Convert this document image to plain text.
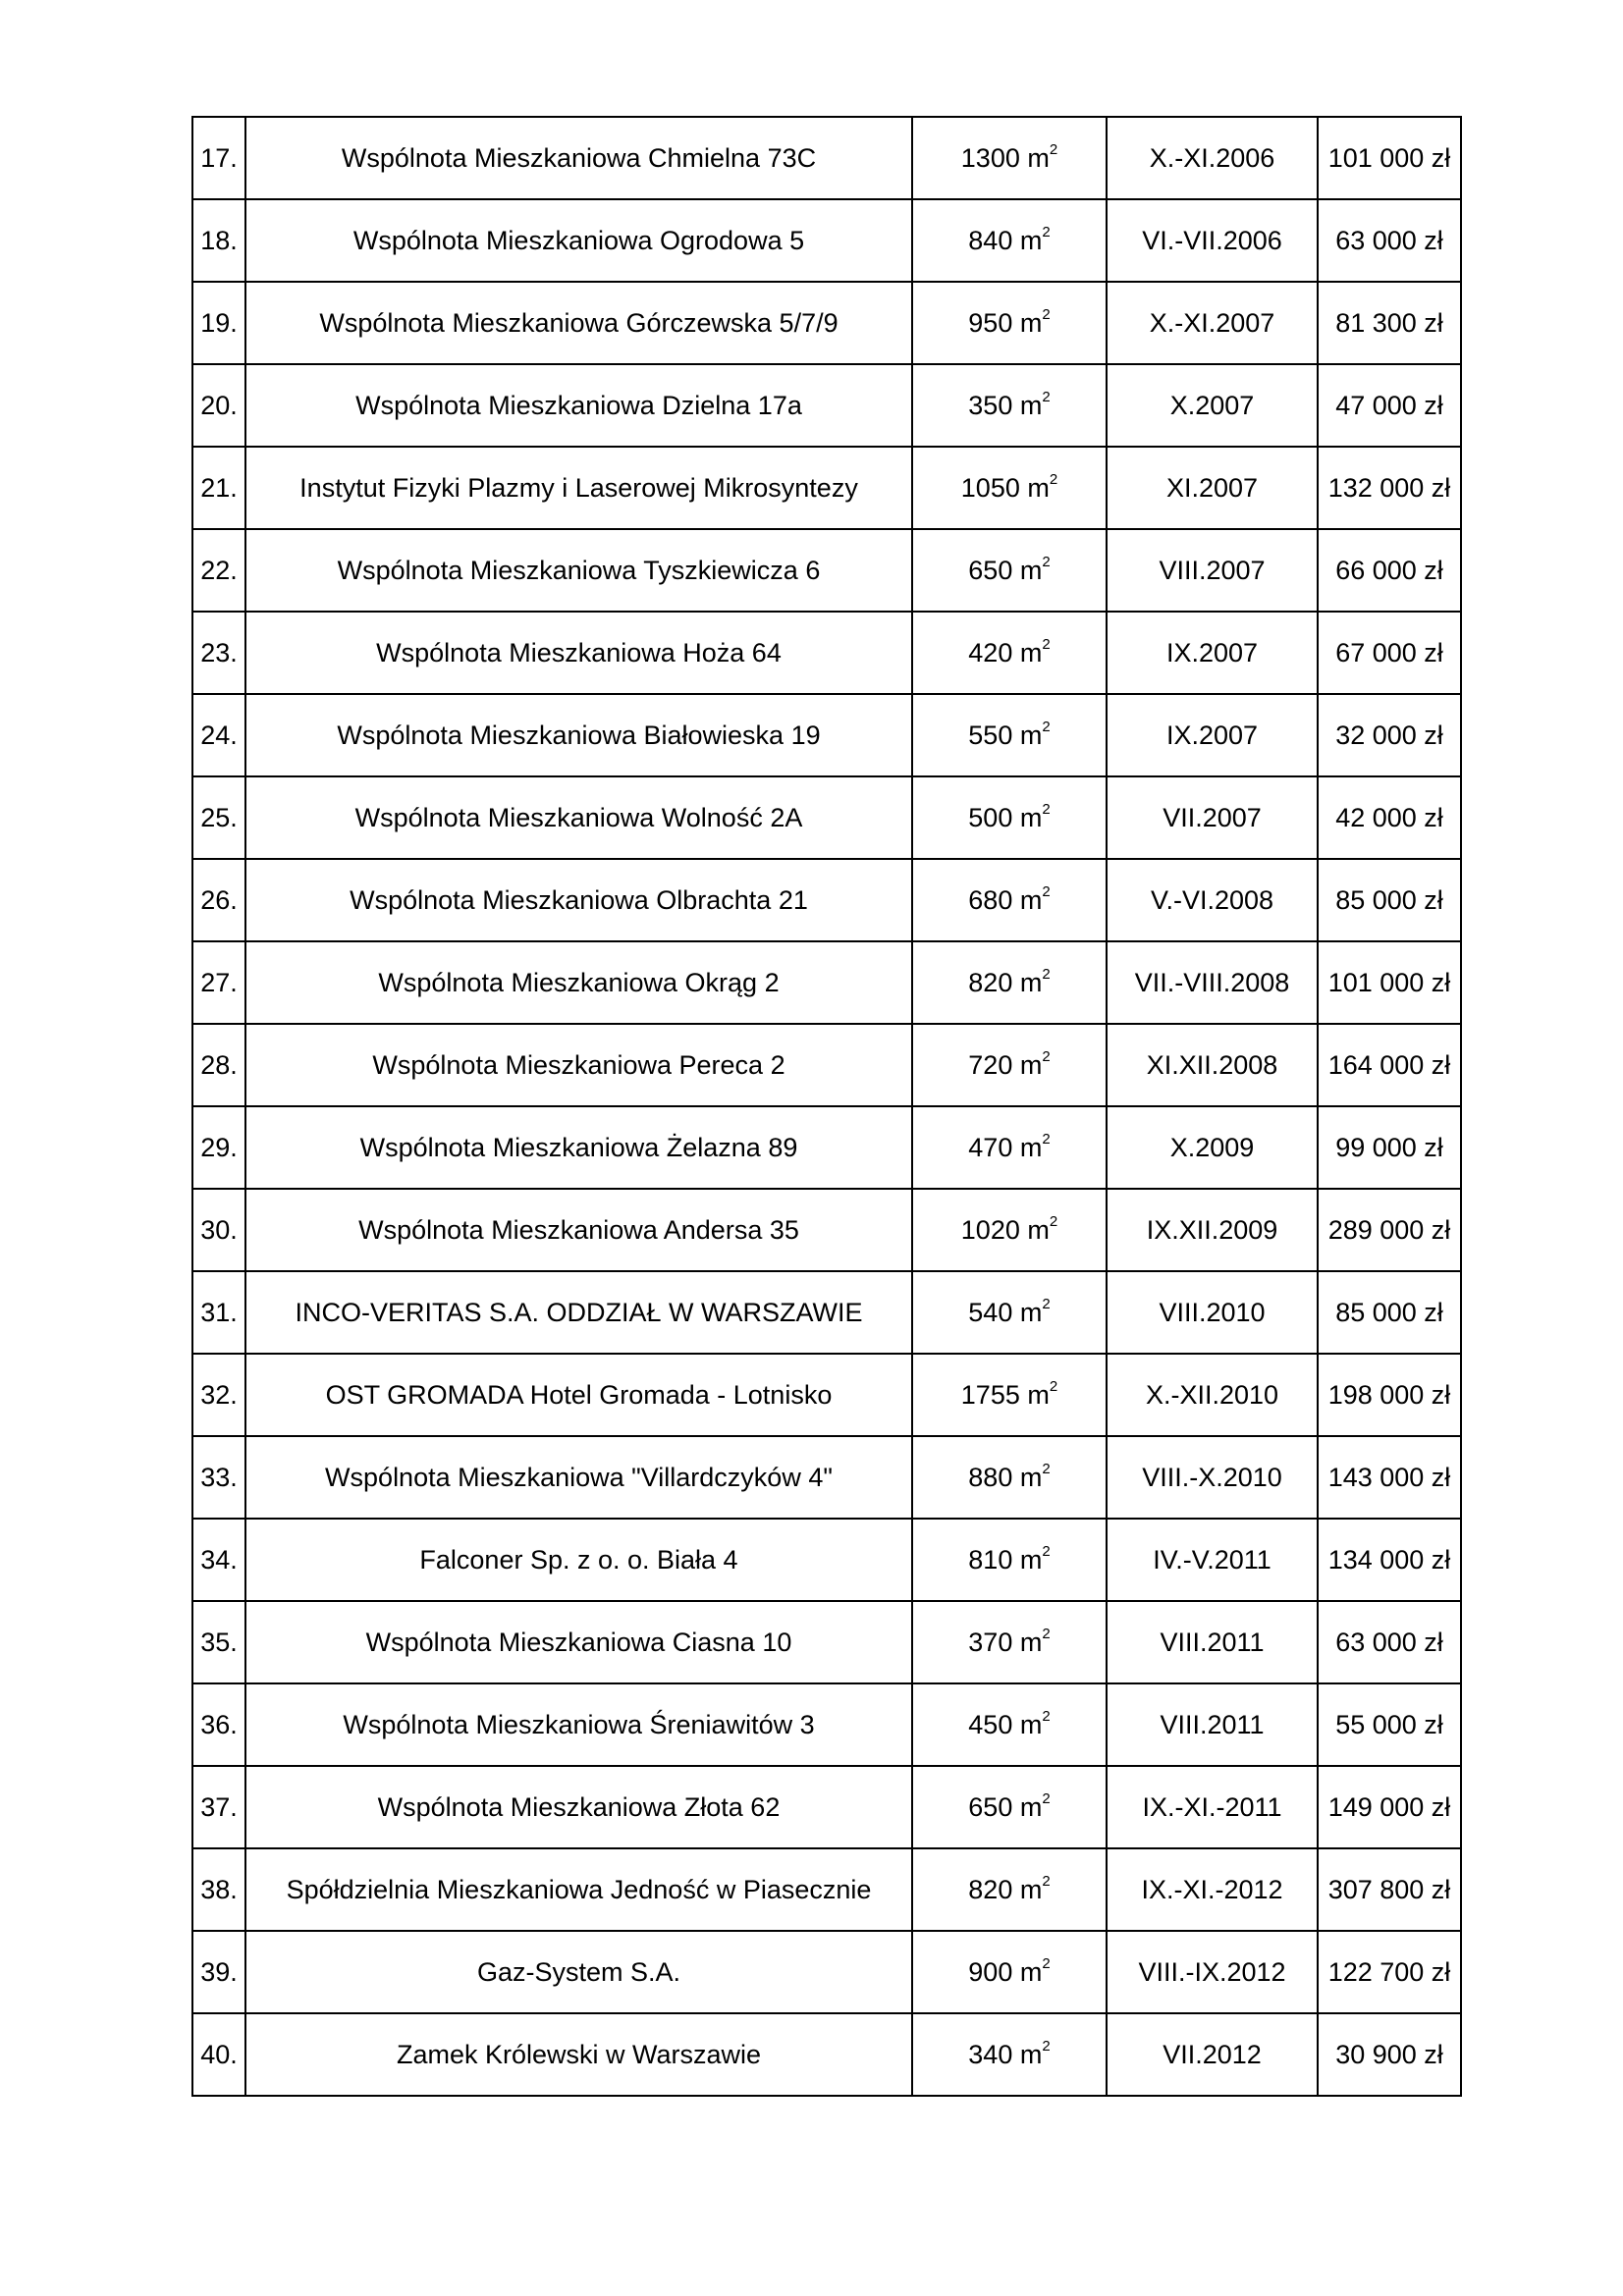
17.	Wspólnota Mieszkaniowa Chmielna 73C	1300 $m^2$	X.-XI.2006	101 000 zł
18.	Wspólnota Mieszkaniowa Ogrodowa 5	840 $m^2$	VI.-VII.2006	63 000 zł
19.	Wspólnota Mieszkaniowa Górczewska 5/7/9	950 $m^2$	X.-XI.2007	81 300 zł
20.	Wspólnota Mieszkaniowa Dzielna 17a	350 $m^2$	X.2007	47 000 zł
21.	Instytut Fizyki Plazmy i Laserowej Mikrosyntezy	1050 $m^2$	XI.2007	132 000 zł
22.	Wspólnota Mieszkaniowa Tyszkiewicza 6	650 $m^2$	VIII.2007	66 000 zł
23.	Wspólnota Mieszkaniowa Hoża 64	420 $m^2$	IX.2007	67 000 zł
24.	Wspólnota Mieszkaniowa Białowieska 19	550 $m^2$	IX.2007	32 000 zł
25.	Wspólnota Mieszkaniowa Wolność 2A	500 $m^2$	VII.2007	42 000 zł
26.	Wspólnota Mieszkaniowa Olbrachta 21	680 $m^2$	V.-VI.2008	85 000 zł
27.	Wspólnota Mieszkaniowa Okrąg 2	820 $m^2$	VII.-VIII.2008	101 000 zł
28.	Wspólnota Mieszkaniowa Pereca 2	720 $m^2$	XI.XII.2008	164 000 zł
29.	Wspólnota Mieszkaniowa Żelazna 89	470 $m^2$	X.2009	99 000 zł
30.	Wspólnota Mieszkaniowa Andersa 35	1020 $m^2$	IX.XII.2009	289 000 zł
31.	INCO-VERITAS S.A. ODDZIAŁ W WARSZAWIE	540 $m^2$	VIII.2010	85 000 zł
32.	OST GROMADA Hotel Gromada - Lotnisko	1755 $m^2$	X.-XII.2010	198 000 zł
33.	Wspólnota Mieszkaniowa "Villardczyków 4"	880 $m^2$	VIII.-X.2010	143 000 zł
34.	Falconer Sp. z o. o. Biała 4	810 $m^2$	IV.-V.2011	134 000 zł
35.	Wspólnota Mieszkaniowa Ciasna 10	370 $m^2$	VIII.2011	63 000 zł
36.	Wspólnota Mieszkaniowa Śreniawitów 3	450 $m^2$	VIII.2011	55 000 zł
37.	Wspólnota Mieszkaniowa Złota 62	650 $m^2$	IX.-XI.-2011	149 000 zł
38.	Spółdzielnia Mieszkaniowa Jedność w Piasecznie	820 $m^2$	IX.-XI.-2012	307 800 zł
39.	Gaz-System S.A.	900 $m^2$	VIII.-IX.2012	122 700 zł
40.	Zamek Królewski w Warszawie	340 $m^2$	VII.2012	30 900 zł
